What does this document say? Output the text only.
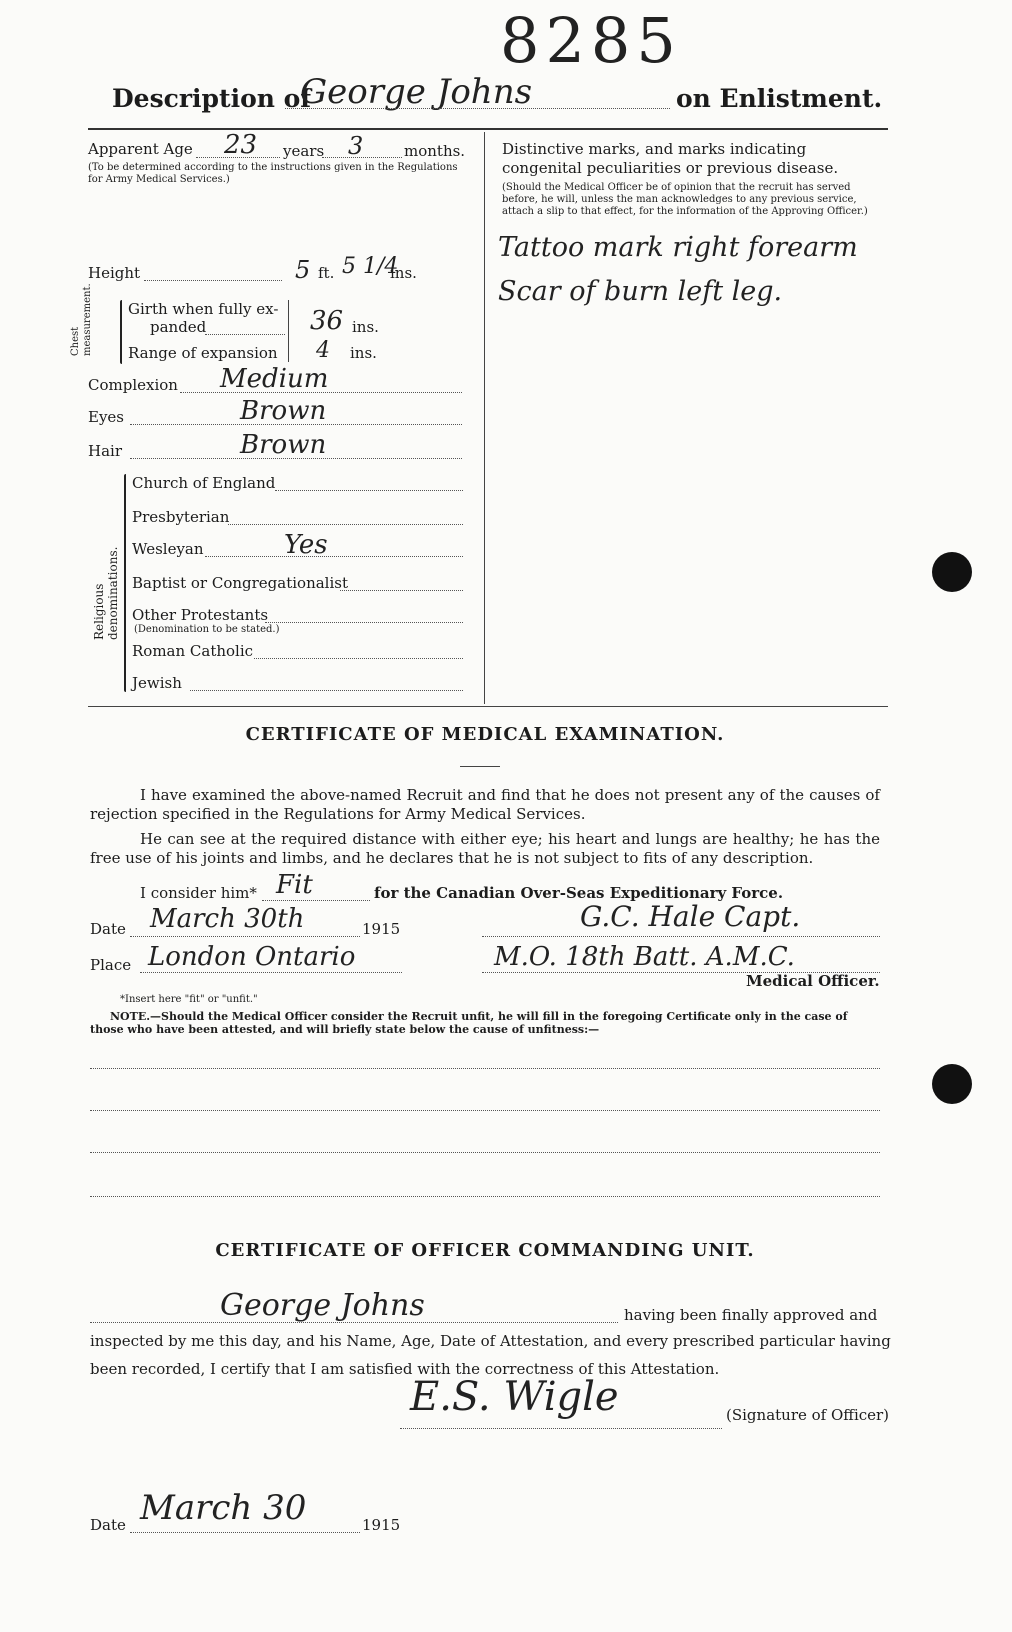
8285
Description of
George Johns	on Enlistment.
Apparent Age 23 years 3	months.
(To be determined according to the instructions given in the Regulations for Army Medical Services.)
Height	5 ft. 5 1/4
ins.
Chest measurement. Girth when fully ex-
panded	36 ins.
Range of expansion 4 ins.
Complexion Medium
Eyes	Brown
Hair	Brown
Religious denominations.
Church of England
Presbyterian
Wesleyan	Yes
Baptist or Congregationalist
Other Protestants
(Denomination to be stated.)
Roman Catholic
Jewish
Distinctive marks, and marks indicating congenital peculiarities or previous disease.
(Should the Medical Officer be of opinion that the recruit has served before, he will, unless the man acknowledges to any previous service, attach a slip to that effect, for the information of the Approving Officer.)
Tattoo mark right forearm
Scar of burn left leg.
CERTIFICATE OF MEDICAL EXAMINATION.
I have examined the above-named Recruit and find that he does not present any of the causes of rejection specified in the Regulations for Army Medical Services.
He can see at the required distance with either eye; his heart and lungs are healthy; he has the free use of his joints and limbs, and he declares that he is not subject to fits of any description.
I consider him* Fit	for the Canadian Over-Seas Expeditionary Force.
Date March 30th	1915	G.C. Hale Capt.
Place London Ontario	M.O. 18th Batt. A.M.C.
Medical Officer.
*Insert here "fit" or "unfit."
NOTE.—Should the Medical Officer consider the Recruit unfit, he will fill in the foregoing Certificate only in the case of those who have been attested, and will briefly state below the cause of unfitness:—
CERTIFICATE OF OFFICER COMMANDING UNIT.
George Johns	having been finally approved and
inspected by me this day, and his Name, Age, Date of Attestation, and every prescribed particular having
been recorded, I certify that I am satisfied with the correctness of this Attestation.
E.S. Wigle	(Signature of Officer)
Date March 30	1915
